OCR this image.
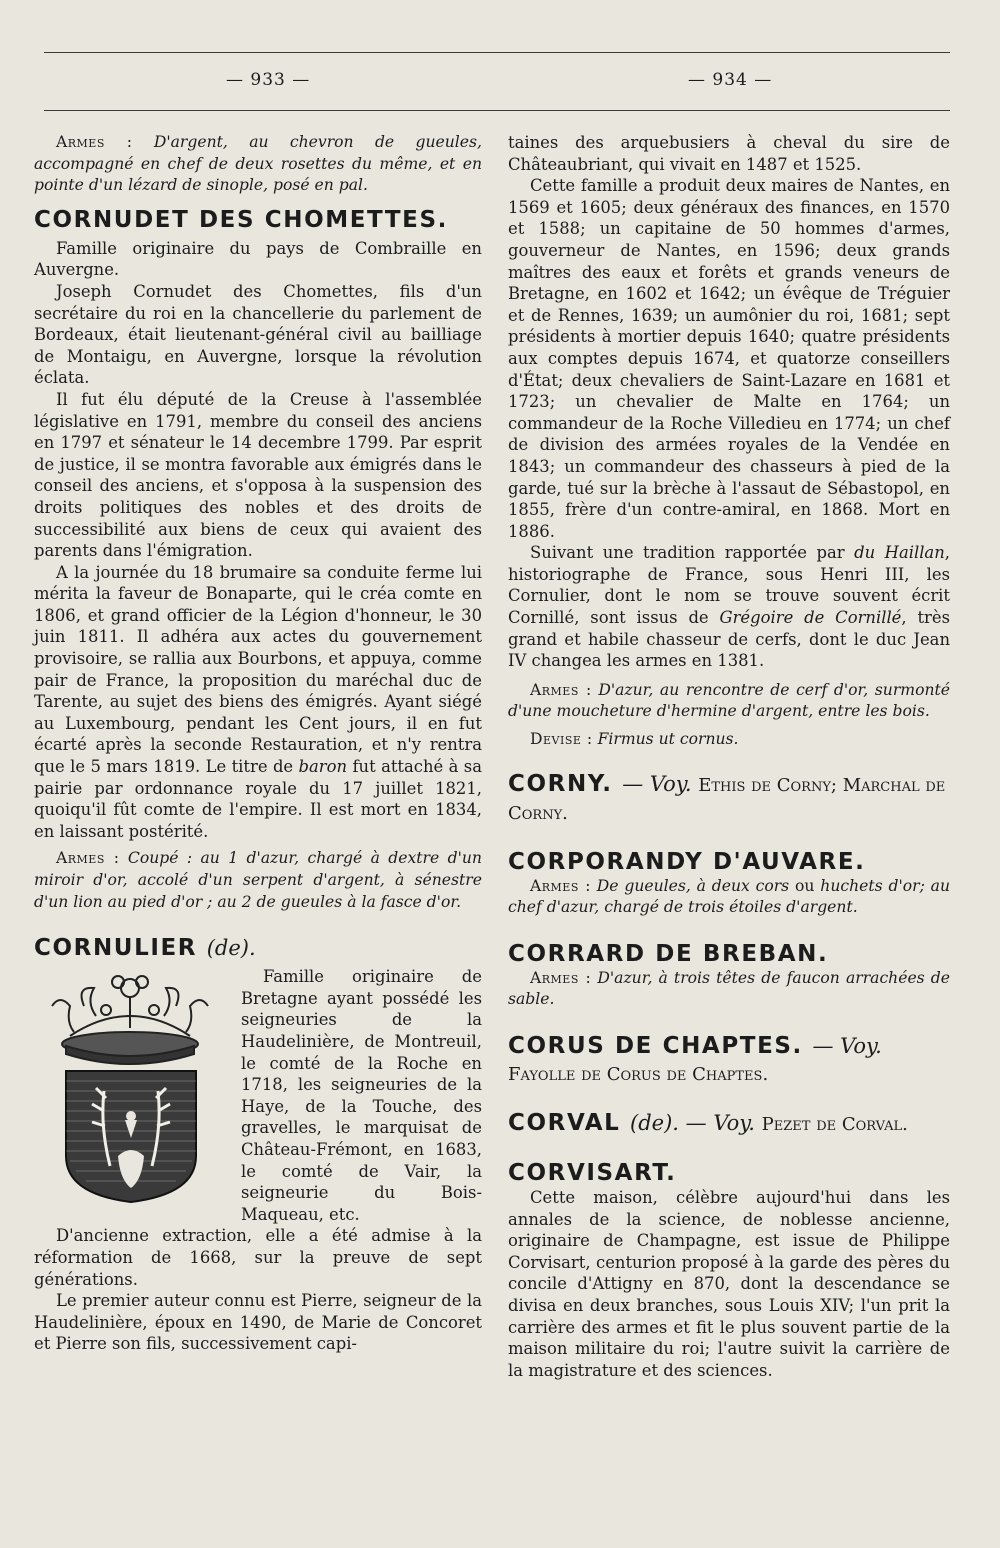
— 933 —	— 934 —

Armes : D'argent, au chevron de gueules, accompagné en chef de deux rosettes du même, et en pointe d'un lézard de sinople, posé en pal.

CORNUDET DES CHOMETTES.

Famille originaire du pays de Combraille en Auvergne.

Joseph Cornudet des Chomettes, fils d'un secrétaire du roi en la chancellerie du parlement de Bordeaux, était lieutenant-général civil au bailliage de Montaigu, en Auvergne, lorsque la révolution éclata.

Il fut élu député de la Creuse à l'assemblée législative en 1791, membre du conseil des anciens en 1797 et sénateur le 14 decembre 1799. Par esprit de justice, il se montra favorable aux émigrés dans le conseil des anciens, et s'opposa à la suspension des droits politiques des nobles et des droits de successibilité aux biens de ceux qui avaient des parents dans l'émigration.

A la journée du 18 brumaire sa conduite ferme lui mérita la faveur de Bonaparte, qui le créa comte en 1806, et grand officier de la Légion d'honneur, le 30 juin 1811. Il adhéra aux actes du gouvernement provisoire, se rallia aux Bourbons, et appuya, comme pair de France, la proposition du maréchal duc de Tarente, au sujet des biens des émigrés. Ayant siégé au Luxembourg, pendant les Cent jours, il en fut écarté après la seconde Restauration, et n'y rentra que le 5 mars 1819. Le titre de baron fut attaché à sa pairie par ordonnance royale du 17 juillet 1821, quoiqu'il fût comte de l'empire. Il est mort en 1834, en laissant postérité.

Armes : Coupé : au 1 d'azur, chargé à dextre d'un miroir d'or, accolé d'un serpent d'argent, à sénestre d'un lion au pied d'or ; au 2 de gueules à la fasce d'or.

CORNULIER (de).

Famille originaire de Bretagne ayant possédé les seigneuries de la Haudelinière, de Montreuil, le comté de la Roche en 1718, les seigneuries de la Haye, de la Touche, des gravelles, le marquisat de Château-Frémont, en 1683, le comté de Vair, la seigneurie du Bois-Maqueau, etc.

D'ancienne extraction, elle a été admise à la réformation de 1668, sur la preuve de sept générations.

Le premier auteur connu est Pierre, seigneur de la Haudelinière, époux en 1490, de Marie de Concoret et Pierre son fils, successivement capi-

taines des arquebusiers à cheval du sire de Châteaubriant, qui vivait en 1487 et 1525.

Cette famille a produit deux maires de Nantes, en 1569 et 1605; deux généraux des finances, en 1570 et 1588; un capitaine de 50 hommes d'armes, gouverneur de Nantes, en 1596; deux grands maîtres des eaux et forêts et grands veneurs de Bretagne, en 1602 et 1642; un évêque de Tréguier et de Rennes, 1639; un aumônier du roi, 1681; sept présidents à mortier depuis 1640; quatre présidents aux comptes depuis 1674, et quatorze conseillers d'État; deux chevaliers de Saint-Lazare en 1681 et 1723; un chevalier de Malte en 1764; un commandeur de la Roche Villedieu en 1774; un chef de division des armées royales de la Vendée en 1843; un commandeur des chasseurs à pied de la garde, tué sur la brèche à l'assaut de Sébastopol, en 1855, frère d'un contre-amiral, en 1868. Mort en 1886.

Suivant une tradition rapportée par du Haillan, historiographe de France, sous Henri III, les Cornulier, dont le nom se trouve souvent écrit Cornillé, sont issus de Grégoire de Cornillé, très grand et habile chasseur de cerfs, dont le duc Jean IV changea les armes en 1381.

Armes : D'azur, au rencontre de cerf d'or, surmonté d'une moucheture d'hermine d'argent, entre les bois.

Devise : Firmus ut cornus.

CORNY. — Voy. Ethis de Corny; Marchal de Corny.
CORPORANDY D'AUVARE.

Armes : De gueules, à deux cors ou huchets d'or; au chef d'azur, chargé de trois étoiles d'argent.

CORRARD DE BREBAN.

Armes : D'azur, à trois têtes de faucon arrachées de sable.

CORUS DE CHAPTES. — Voy. Fayolle de Corus de Chaptes.
CORVAL (de). — Voy. Pezet de Corval.
CORVISART.

Cette maison, célèbre aujourd'hui dans les annales de la science, de noblesse ancienne, originaire de Champagne, est issue de Philippe Corvisart, centurion proposé à la garde des pères du concile d'Attigny en 870, dont la descendance se divisa en deux branches, sous Louis XIV; l'un prit la carrière des armes et fit le plus souvent partie de la maison militaire du roi; l'autre suivit la carrière de la magistrature et des sciences.
